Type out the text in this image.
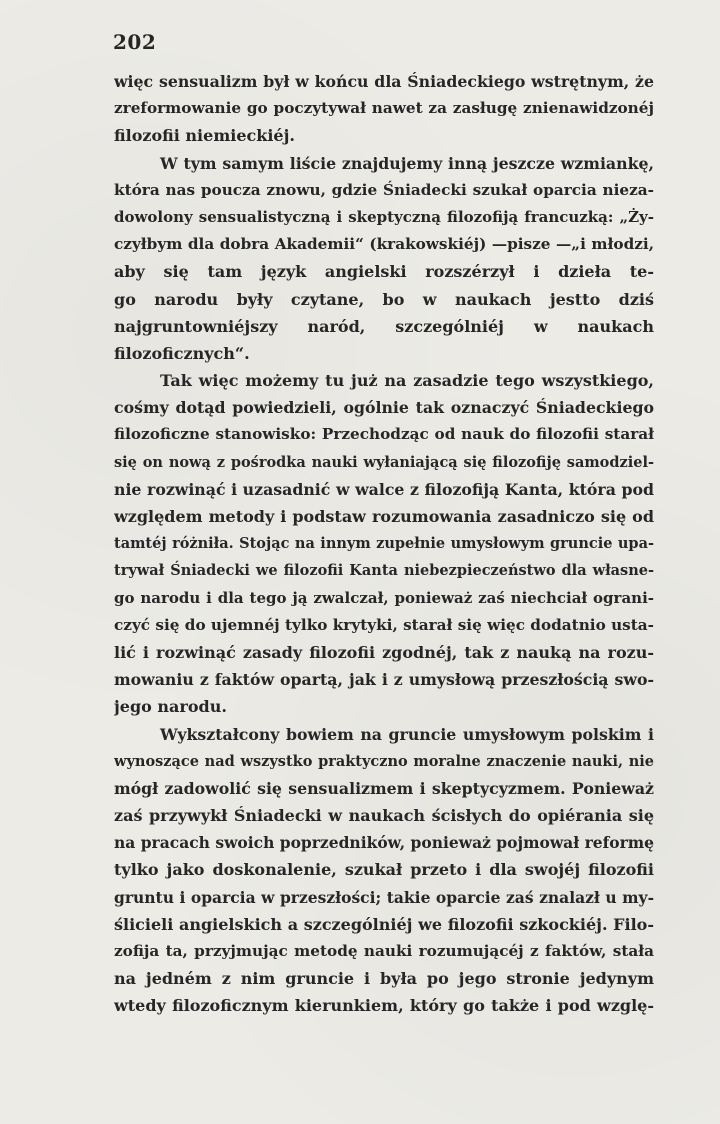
202
więc sensualizm był w końcu dla Śniadeckiego wstrętnym, że
zreformowanie go poczytywał nawet za zasługę znienawidzonéj
filozofii niemieckiéj.
W tym samym liście znajdujemy inną jeszcze wzmiankę,
która nas poucza znowu, gdzie Śniadecki szukał oparcia nieza-
dowolony sensualistyczną i skeptyczną filozofiją francuzką: „Ży-
czyłbym dla dobra Akademii“ (krakowskiéj) —pisze —„i młodzi,
aby się tam język angielski rozszérzył i dzieła te-
go narodu były czytane, bo w naukach jestto dziś
najgruntowniéjszy naród, szczególniéj w naukach
filozoficznych“.
Tak więc możemy tu już na zasadzie tego wszystkiego,
cośmy dotąd powiedzieli, ogólnie tak oznaczyć Śniadeckiego
filozoficzne stanowisko: Przechodząc od nauk do filozofii starał
się on nową z pośrodka nauki wyłaniającą się filozofiję samodziel-
nie rozwinąć i uzasadnić w walce z filozofiją Kanta, która pod
względem metody i podstaw rozumowania zasadniczo się od
tamtéj różniła. Stojąc na innym zupełnie umysłowym gruncie upa-
trywał Śniadecki we filozofii Kanta niebezpieczeństwo dla własne-
go narodu i dla tego ją zwalczał, ponieważ zaś niechciał ograni-
czyć się do ujemnéj tylko krytyki, starał się więc dodatnio usta-
lić i rozwinąć zasady filozofii zgodnéj, tak z nauką na rozu-
mowaniu z faktów opartą, jak i z umysłową przeszłością swo-
jego narodu.
Wykształcony bowiem na gruncie umysłowym polskim i
wynoszące nad wszystko praktyczno moralne znaczenie nauki, nie
mógł zadowolić się sensualizmem i skeptycyzmem. Ponieważ
zaś przywykł Śniadecki w naukach ścisłych do opiérania się
na pracach swoich poprzedników, ponieważ pojmował reformę
tylko jako doskonalenie, szukał przeto i dla swojéj filozofii
gruntu i oparcia w przeszłości; takie oparcie zaś znalazł u my-
ślicieli angielskich a szczególniéj we filozofii szkockiéj. Filo-
zofija ta, przyjmując metodę nauki rozumującéj z faktów, stała
na jedném z nim gruncie i była po jego stronie jedynym
wtedy filozoficznym kierunkiem, który go także i pod wzglę-
